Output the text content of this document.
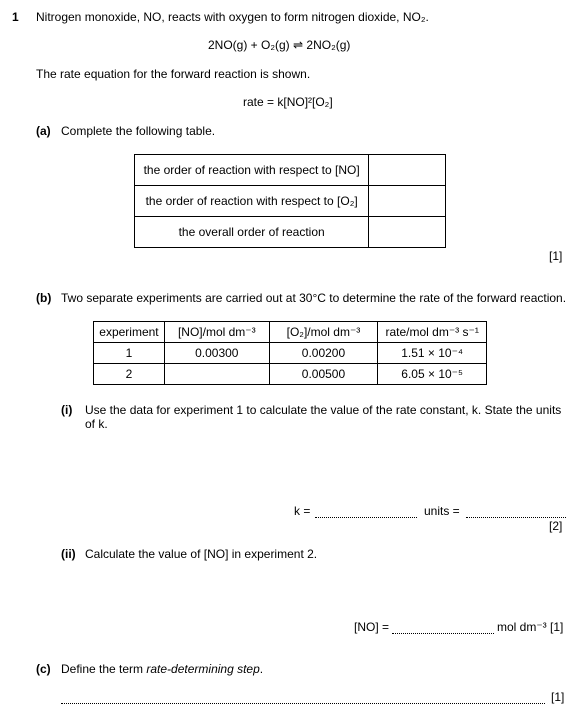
1 Nitrogen monoxide, NO, reacts with oxygen to form nitrogen dioxide, NO₂.
2NO(g) + O₂(g) ⇌ 2NO₂(g)
The rate equation for the forward reaction is shown.
rate = k[NO]²[O₂]
(a) Complete the following table.
the order of reaction with respect to [NO]	
the order of reaction with respect to [O₂]	
the overall order of reaction	
[1]
(b) Two separate experiments are carried out at 30°C to determine the rate of the forward reaction.
experiment	[NO]/mol dm⁻³	[O₂]/mol dm⁻³	rate/mol dm⁻³ s⁻¹
1	0.00300	0.00200	1.51 × 10⁻⁴
2		0.00500	6.05 × 10⁻⁵
(i) Use the data for experiment 1 to calculate the value of the rate constant, k. State the units
of k.
k =	units =
[2]
(ii) Calculate the value of [NO] in experiment 2.
[NO] =	mol dm⁻³ [1]
(c) Define the term rate-determining step.
[1]
